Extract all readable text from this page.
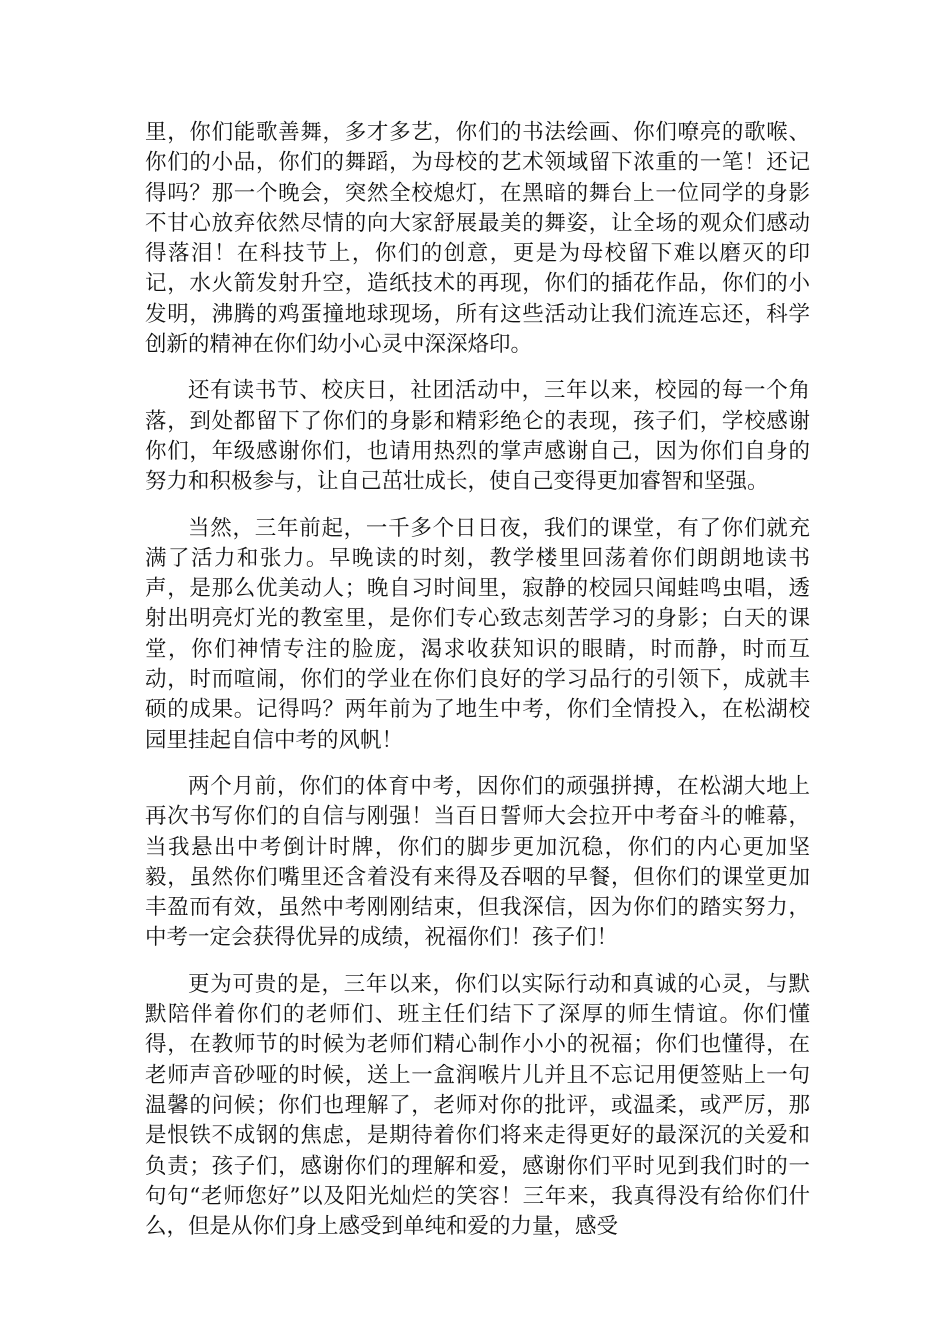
里，你们能歌善舞，多才多艺，你们的书法绘画、你们嘹亮的歌喉、你们的小品，你们的舞蹈，为母校的艺术领域留下浓重的一笔！还记得吗？那一个晚会，突然全校熄灯，在黑暗的舞台上一位同学的身影不甘心放弃依然尽情的向大家舒展最美的舞姿，让全场的观众们感动得落泪！在科技节上，你们的创意，更是为母校留下难以磨灭的印记，水火箭发射升空，造纸技术的再现，你们的插花作品，你们的小发明，沸腾的鸡蛋撞地球现场，所有这些活动让我们流连忘还，科学创新的精神在你们幼小心灵中深深烙印。

还有读书节、校庆日，社团活动中，三年以来，校园的每一个角落，到处都留下了你们的身影和精彩绝仑的表现，孩子们，学校感谢你们，年级感谢你们，也请用热烈的掌声感谢自己，因为你们自身的努力和积极参与，让自己茁壮成长，使自己变得更加睿智和坚强。

当然，三年前起，一千多个日日夜，我们的课堂，有了你们就充满了活力和张力。早晚读的时刻，教学楼里回荡着你们朗朗地读书声，是那么优美动人；晚自习时间里，寂静的校园只闻蛙鸣虫唱，透射出明亮灯光的教室里，是你们专心致志刻苦学习的身影；白天的课堂，你们神情专注的脸庞，渴求收获知识的眼睛，时而静，时而互动，时而喧闹，你们的学业在你们良好的学习品行的引领下，成就丰硕的成果。记得吗？两年前为了地生中考，你们全情投入，在松湖校园里挂起自信中考的风帆！

两个月前，你们的体育中考，因你们的顽强拼搏，在松湖大地上再次书写你们的自信与刚强！当百日誓师大会拉开中考奋斗的帷幕，当我悬出中考倒计时牌，你们的脚步更加沉稳，你们的内心更加坚毅，虽然你们嘴里还含着没有来得及吞咽的早餐，但你们的课堂更加丰盈而有效，虽然中考刚刚结束，但我深信，因为你们的踏实努力，中考一定会获得优异的成绩，祝福你们！孩子们！

更为可贵的是，三年以来，你们以实际行动和真诚的心灵，与默默陪伴着你们的老师们、班主任们结下了深厚的师生情谊。你们懂得，在教师节的时候为老师们精心制作小小的祝福；你们也懂得，在老师声音砂哑的时候，送上一盒润喉片儿并且不忘记用便签贴上一句温馨的问候；你们也理解了，老师对你的批评，或温柔，或严厉，那是恨铁不成钢的焦虑，是期待着你们将来走得更好的最深沉的关爱和负责；孩子们，感谢你们的理解和爱，感谢你们平时见到我们时的一句句“老师您好”以及阳光灿烂的笑容！三年来，我真得没有给你们什么，但是从你们身上感受到单纯和爱的力量，感受
